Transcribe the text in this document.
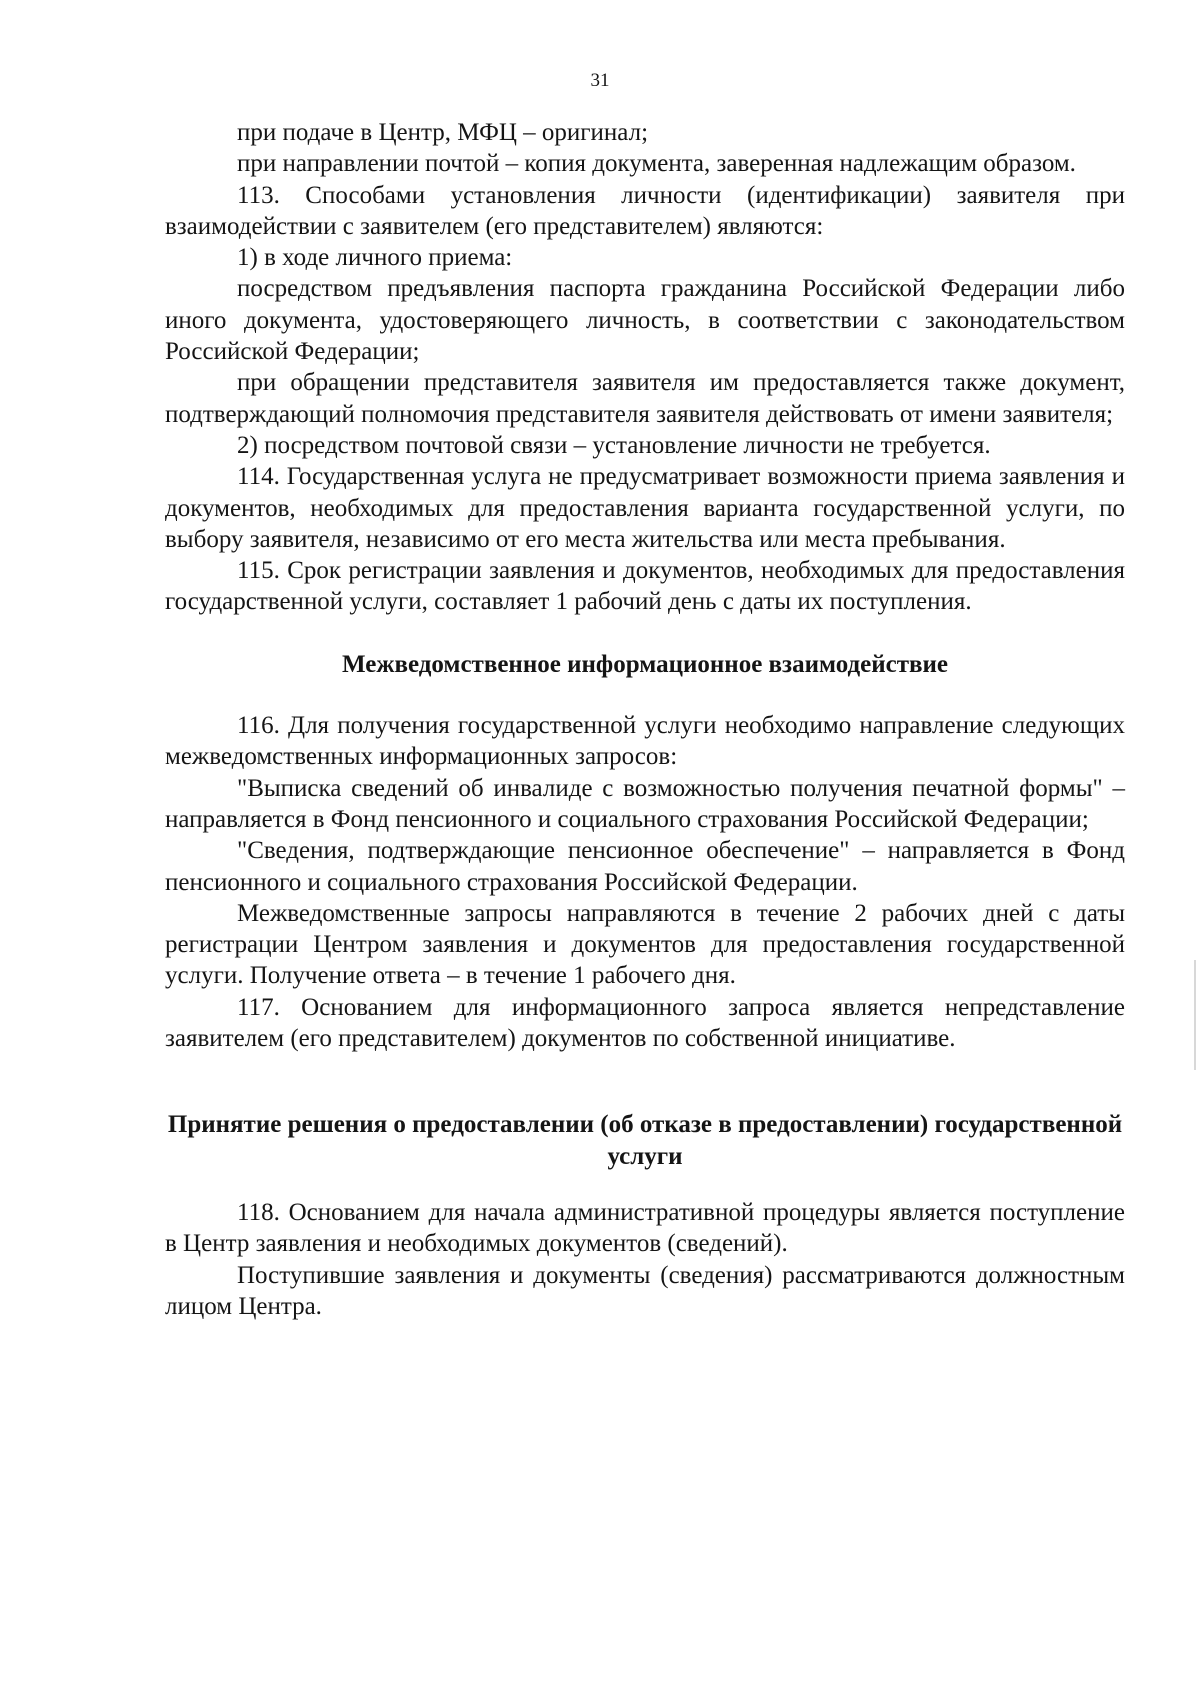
31

при подаче в Центр, МФЦ – оригинал;

при направлении почтой – копия документа, заверенная надлежащим образом.

113. Способами установления личности (идентификации) заявителя при взаимодействии с заявителем (его представителем) являются:

1) в ходе личного приема:

посредством предъявления паспорта гражданина Российской Федерации либо иного документа, удостоверяющего личность, в соответствии с законодательством Российской Федерации;

при обращении представителя заявителя им предоставляется также документ, подтверждающий полномочия представителя заявителя действовать от имени заявителя;

2) посредством почтовой связи – установление личности не требуется.

114. Государственная услуга не предусматривает возможности приема заявления и документов, необходимых для предоставления варианта государственной услуги, по выбору заявителя, независимо от его места жительства или места пребывания.

115. Срок регистрации заявления и документов, необходимых для предоставления государственной услуги, составляет 1 рабочий день с даты их поступления.

Межведомственное информационное взаимодействие

116. Для получения государственной услуги необходимо направление следующих межведомственных информационных запросов:

"Выписка сведений об инвалиде с возможностью получения печатной формы" – направляется в Фонд пенсионного и социального страхования Российской Федерации;

"Сведения, подтверждающие пенсионное обеспечение" – направляется в Фонд пенсионного и социального страхования Российской Федерации.

Межведомственные запросы направляются в течение 2 рабочих дней с даты регистрации Центром заявления и документов для предоставления государственной услуги. Получение ответа – в течение 1 рабочего дня.

117. Основанием для информационного запроса является непредставление заявителем (его представителем) документов по собственной инициативе.

Принятие решения о предоставлении (об отказе в предоставлении) государственной услуги

118. Основанием для начала административной процедуры является поступление в Центр заявления и необходимых документов (сведений).

Поступившие заявления и документы (сведения) рассматриваются должностным лицом Центра.
